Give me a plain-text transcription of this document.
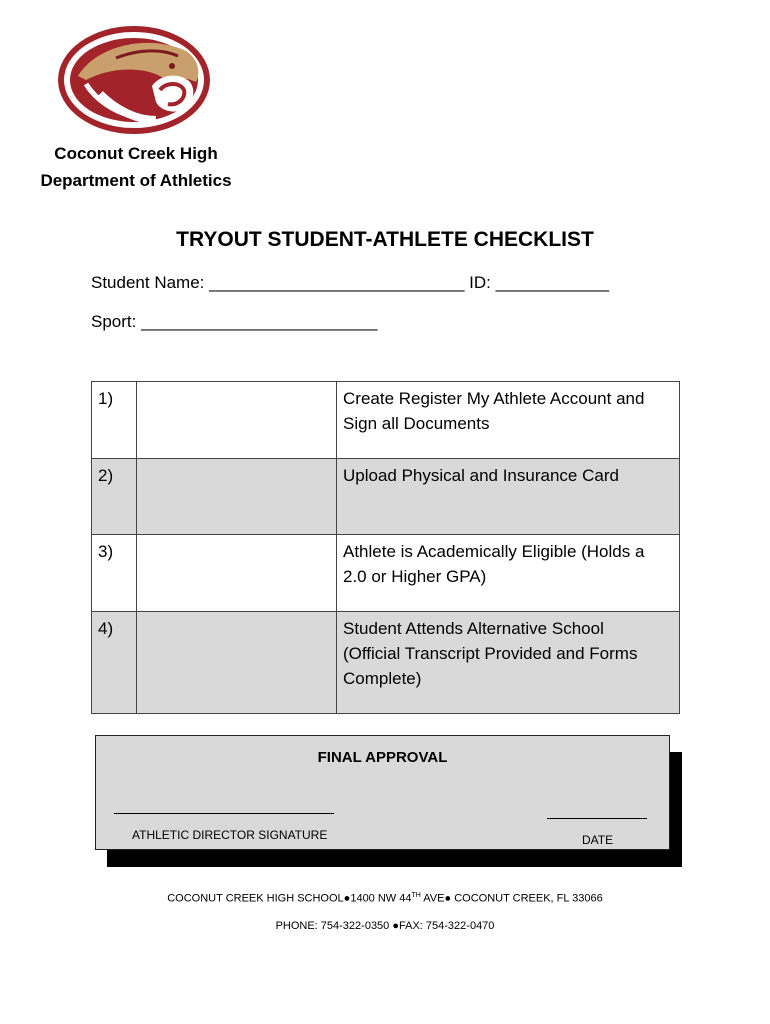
Coconut Creek High
Department of Athletics
TRYOUT STUDENT-ATHLETE CHECKLIST
Student Name: ___________________________ ID: ____________
Sport: _________________________
1)		Create Register My Athlete Account and
Sign all Documents

2)		Upload Physical and Insurance Card

3)		Athlete is Academically Eligible (Holds a
2.0 or Higher GPA)

4)		Student Attends Alternative School
(Official Transcript Provided and Forms
Complete)
FINAL APPROVAL
ATHLETIC DIRECTOR SIGNATURE	DATE
COCONUT CREEK HIGH SCHOOL●1400 NW 44TH AVE● COCONUT CREEK, FL 33066
PHONE: 754-322-0350 ●FAX: 754-322-0470
